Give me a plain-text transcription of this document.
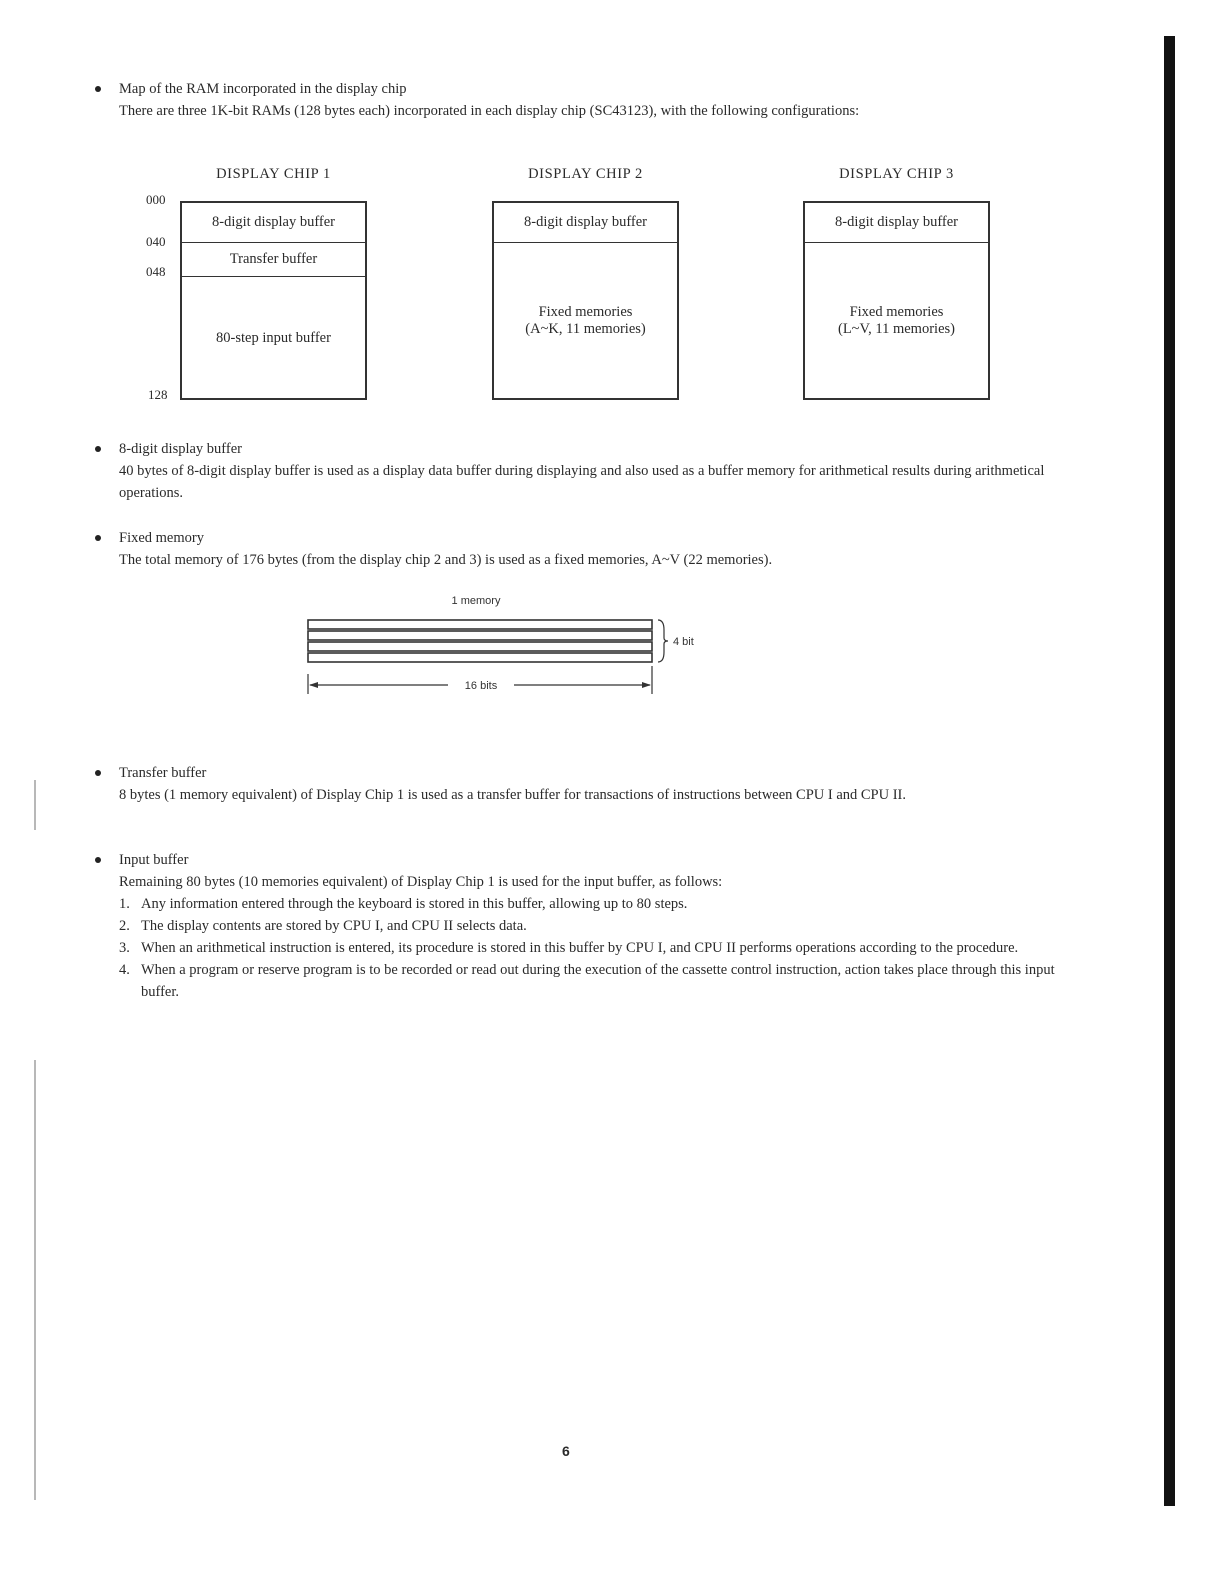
Map of the RAM incorporated in the display chip
There are three 1K-bit RAMs (128 bytes each) incorporated in each display chip (SC43123), with the following configurations:
DISPLAY CHIP 1
8-digit display buffer
Transfer buffer
80-step input buffer
000
040
048
128
DISPLAY CHIP 2
8-digit display buffer
Fixed memories
(A~K, 11 memories)
DISPLAY CHIP 3
8-digit display buffer
Fixed memories
(L~V, 11 memories)
8-digit display buffer
40 bytes of 8-digit display buffer is used as a display data buffer during displaying and also used as a buffer memory for arithmetical results during arithmetical operations.
Fixed memory
The total memory of 176 bytes (from the display chip 2 and 3) is used as a fixed memories, A~V (22 memories).
1 memory
4 bit
16 bits
Transfer buffer
8 bytes (1 memory equivalent) of Display Chip 1 is used as a transfer buffer for transactions of instructions between CPU I and CPU II.
Input buffer
Remaining 80 bytes (10 memories equivalent) of Display Chip 1 is used for the input buffer, as follows:
1. Any information entered through the keyboard is stored in this buffer, allowing up to 80 steps.
2. The display contents are stored by CPU I, and CPU II selects data.
3. When an arithmetical instruction is entered, its procedure is stored in this buffer by CPU I, and CPU II performs operations according to the procedure.
4. When a program or reserve program is to be recorded or read out during the execution of the cassette control instruction, action takes place through this input buffer.
6
